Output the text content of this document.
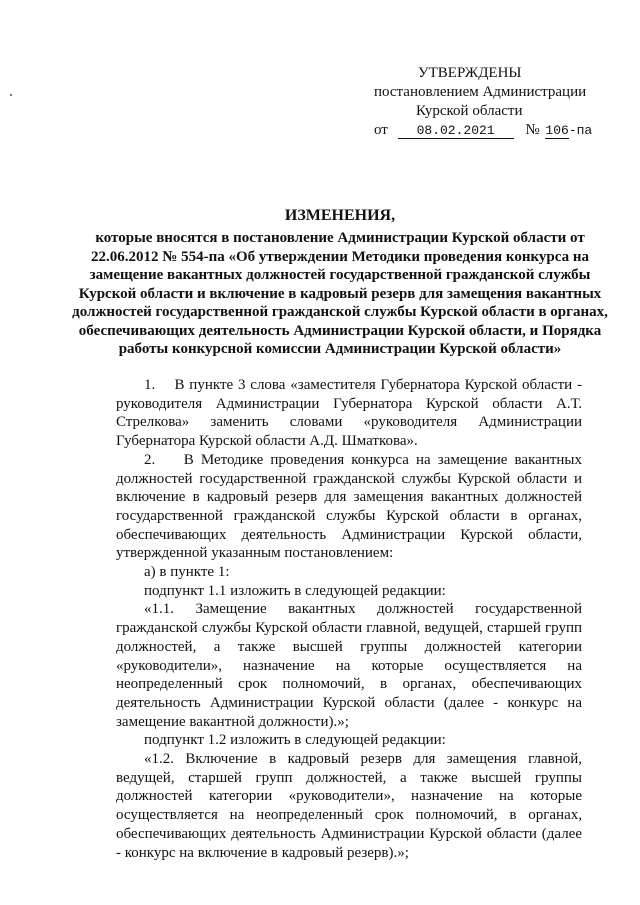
УТВЕРЖДЕНЫ
постановлением Администрации
Курской области
от 08.02.2021 № 106-па
ИЗМЕНЕНИЯ,
которые вносятся в постановление Администрации Курской области от 22.06.2012 № 554-па «Об утверждении Методики проведения конкурса на замещение вакантных должностей государственной гражданской службы Курской области и включение в кадровый резерв для замещения вакантных должностей государственной гражданской службы Курской области в органах, обеспечивающих деятельность Администрации Курской области, и Порядка работы конкурсной комиссии Администрации Курской области»

1.    В пункте 3 слова «заместителя Губернатора Курской области - руководителя Администрации Губернатора Курской области А.Т. Стрелкова» заменить словами «руководителя Администрации Губернатора Курской области А.Д. Шматкова».

2.    В Методике проведения конкурса на замещение вакантных должностей государственной гражданской службы Курской области и включение в кадровый резерв для замещения вакантных должностей государственной гражданской службы Курской области в органах, обеспечивающих деятельность Администрации Курской области, утвержденной указанным постановлением:

а) в пункте 1:

подпункт 1.1 изложить в следующей редакции:

«1.1. Замещение вакантных должностей государственной гражданской службы Курской области главной, ведущей, старшей групп должностей, а также высшей группы должностей категории «руководители», назначение на которые осуществляется на неопределенный срок полномочий, в органах, обеспечивающих деятельность Администрации Курской области (далее - конкурс на замещение вакантной должности).»;

подпункт 1.2 изложить в следующей редакции:

«1.2. Включение в кадровый резерв для замещения главной, ведущей, старшей групп должностей, а также высшей группы должностей категории «руководители», назначение на которые осуществляется на неопределенный срок полномочий, в органах, обеспечивающих деятельность Администрации Курской области (далее - конкурс на включение в кадровый резерв).»;
